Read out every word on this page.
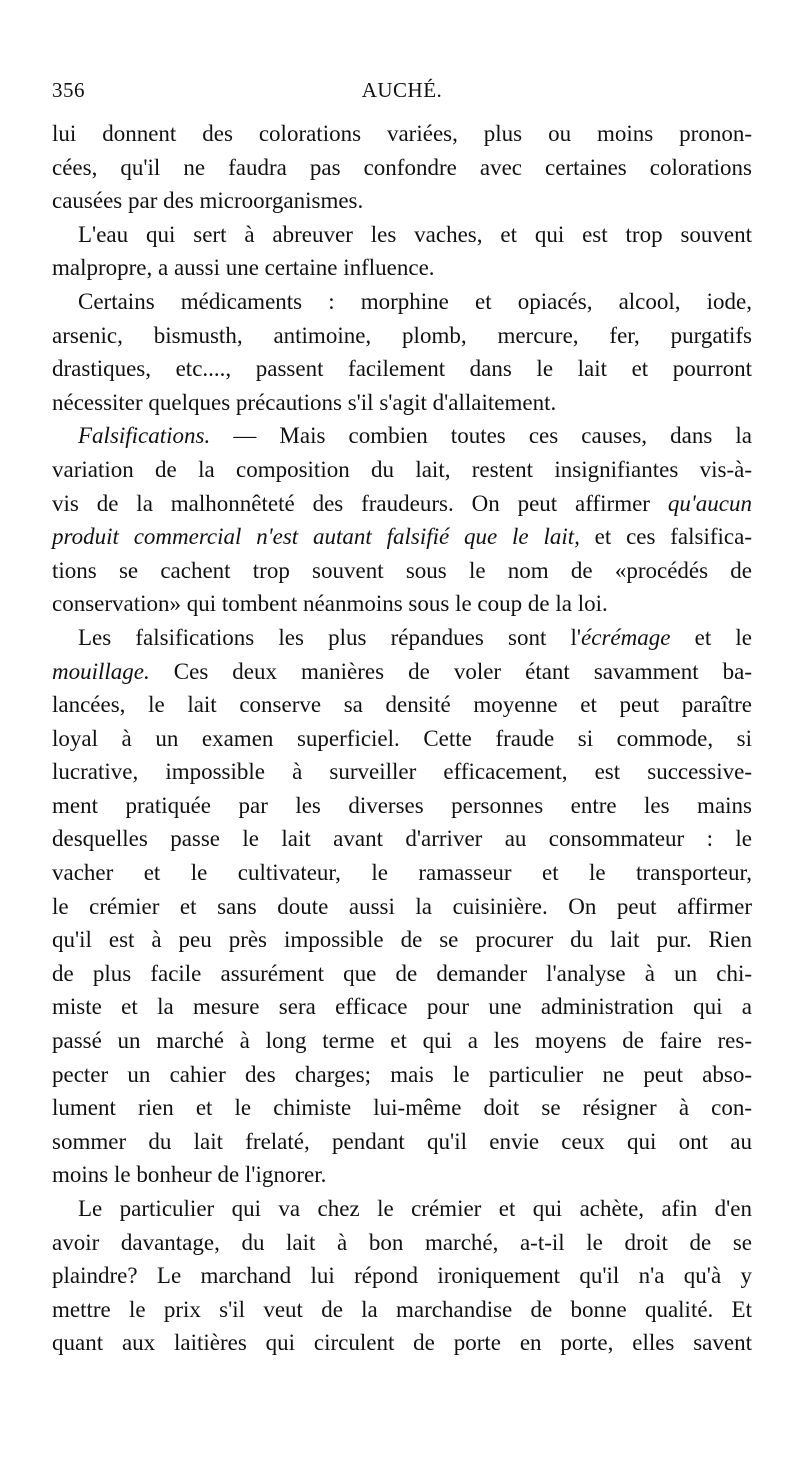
356	AUCHÉ.
lui donnent des colorations variées, plus ou moins pronon-
cées, qu'il ne faudra pas confondre avec certaines colorations
causées par des microorganismes.
L'eau qui sert à abreuver les vaches, et qui est trop souvent
malpropre, a aussi une certaine influence.
Certains médicaments : morphine et opiacés, alcool, iode,
arsenic, bismusth, antimoine, plomb, mercure, fer, purgatifs
drastiques, etc...., passent facilement dans le lait et pourront
nécessiter quelques précautions s'il s'agit d'allaitement.
Falsifications. — Mais combien toutes ces causes, dans la
variation de la composition du lait, restent insignifiantes vis-à-
vis de la malhonnêteté des fraudeurs. On peut affirmer qu'aucun
produit commercial n'est autant falsifié que le lait, et ces falsifica-
tions se cachent trop souvent sous le nom de «procédés de
conservation» qui tombent néanmoins sous le coup de la loi.
Les falsifications les plus répandues sont l'écrémage et le
mouillage. Ces deux manières de voler étant savamment ba-
lancées, le lait conserve sa densité moyenne et peut paraître
loyal à un examen superficiel. Cette fraude si commode, si
lucrative, impossible à surveiller efficacement, est successive-
ment pratiquée par les diverses personnes entre les mains
desquelles passe le lait avant d'arriver au consommateur : le
vacher et le cultivateur, le ramasseur et le transporteur,
le crémier et sans doute aussi la cuisinière. On peut affirmer
qu'il est à peu près impossible de se procurer du lait pur. Rien
de plus facile assurément que de demander l'analyse à un chi-
miste et la mesure sera efficace pour une administration qui a
passé un marché à long terme et qui a les moyens de faire res-
pecter un cahier des charges; mais le particulier ne peut abso-
lument rien et le chimiste lui-même doit se résigner à con-
sommer du lait frelaté, pendant qu'il envie ceux qui ont au
moins le bonheur de l'ignorer.
Le particulier qui va chez le crémier et qui achète, afin d'en
avoir davantage, du lait à bon marché, a-t-il le droit de se
plaindre? Le marchand lui répond ironiquement qu'il n'a qu'à y
mettre le prix s'il veut de la marchandise de bonne qualité. Et
quant aux laitières qui circulent de porte en porte, elles savent
